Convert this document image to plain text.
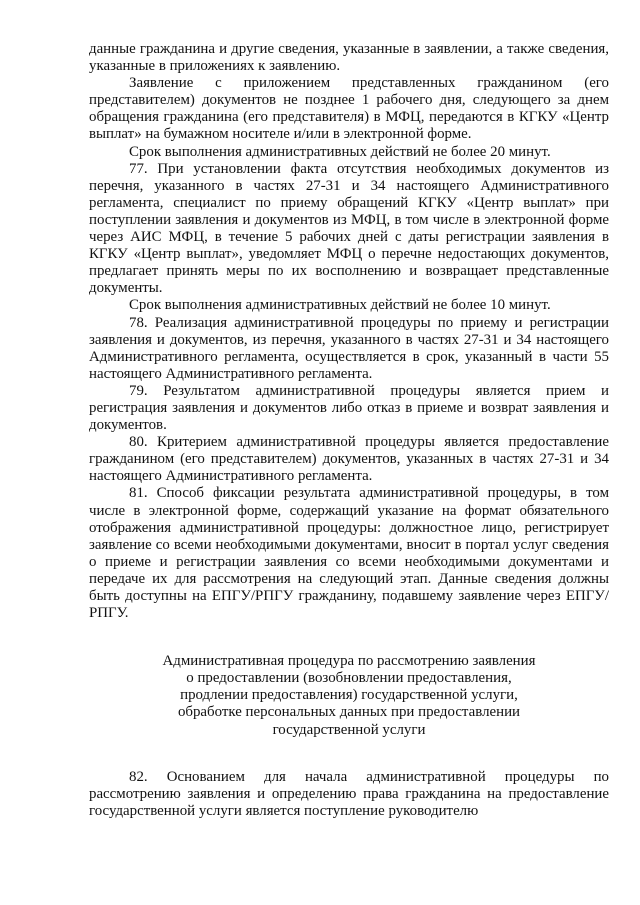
данные гражданина и другие сведения, указанные в заявлении, а также сведения, указанные в приложениях к заявлению.

Заявление с приложением представленных гражданином (его представителем) документов не позднее 1 рабочего дня, следующего за днем обращения гражданина (его представителя) в МФЦ, передаются в КГКУ «Центр выплат» на бумажном носителе и/или в электронной форме.

Срок выполнения административных действий не более 20 минут.

77. При установлении факта отсутствия необходимых документов из перечня, указанного в частях 27-31 и 34 настоящего Административного регламента, специалист по приему обращений КГКУ «Центр выплат» при поступлении заявления и документов из МФЦ, в том числе в электронной форме через АИС МФЦ, в течение 5 рабочих дней с даты регистрации заявления в КГКУ «Центр выплат», уведомляет МФЦ о перечне недостающих документов, предлагает принять меры по их восполнению и возвращает представленные документы.

Срок выполнения административных действий не более 10 минут.

78. Реализация административной процедуры по приему и регистрации заявления и документов, из перечня, указанного в частях 27-31 и 34 настоящего Административного регламента, осуществляется в срок, указанный в части 55 настоящего Административного регламента.

79. Результатом административной процедуры является прием и регистрация заявления и документов либо отказ в приеме и возврат заявления и документов.

80. Критерием административной процедуры является предоставление гражданином (его представителем) документов, указанных в частях 27-31 и 34 настоящего Административного регламента.

81. Способ фиксации результата административной процедуры, в том числе в электронной форме, содержащий указание на формат обязательного отображения административной процедуры: должностное лицо, регистрирует заявление со всеми необходимыми документами, вносит в портал услуг сведения о приеме и регистрации заявления со всеми необходимыми документами и передаче их для рассмотрения на следующий этап. Данные сведения должны быть доступны на ЕПГУ/РПГУ гражданину, подавшему заявление через ЕПГУ/РПГУ.

Административная процедура по рассмотрению заявления
о предоставлении (возобновлении предоставления,
продлении предоставления) государственной услуги,
обработке персональных данных при предоставлении
государственной услуги

82. Основанием для начала административной процедуры по рассмотрению заявления и определению права гражданина на предоставление государственной услуги является поступление руководителю
